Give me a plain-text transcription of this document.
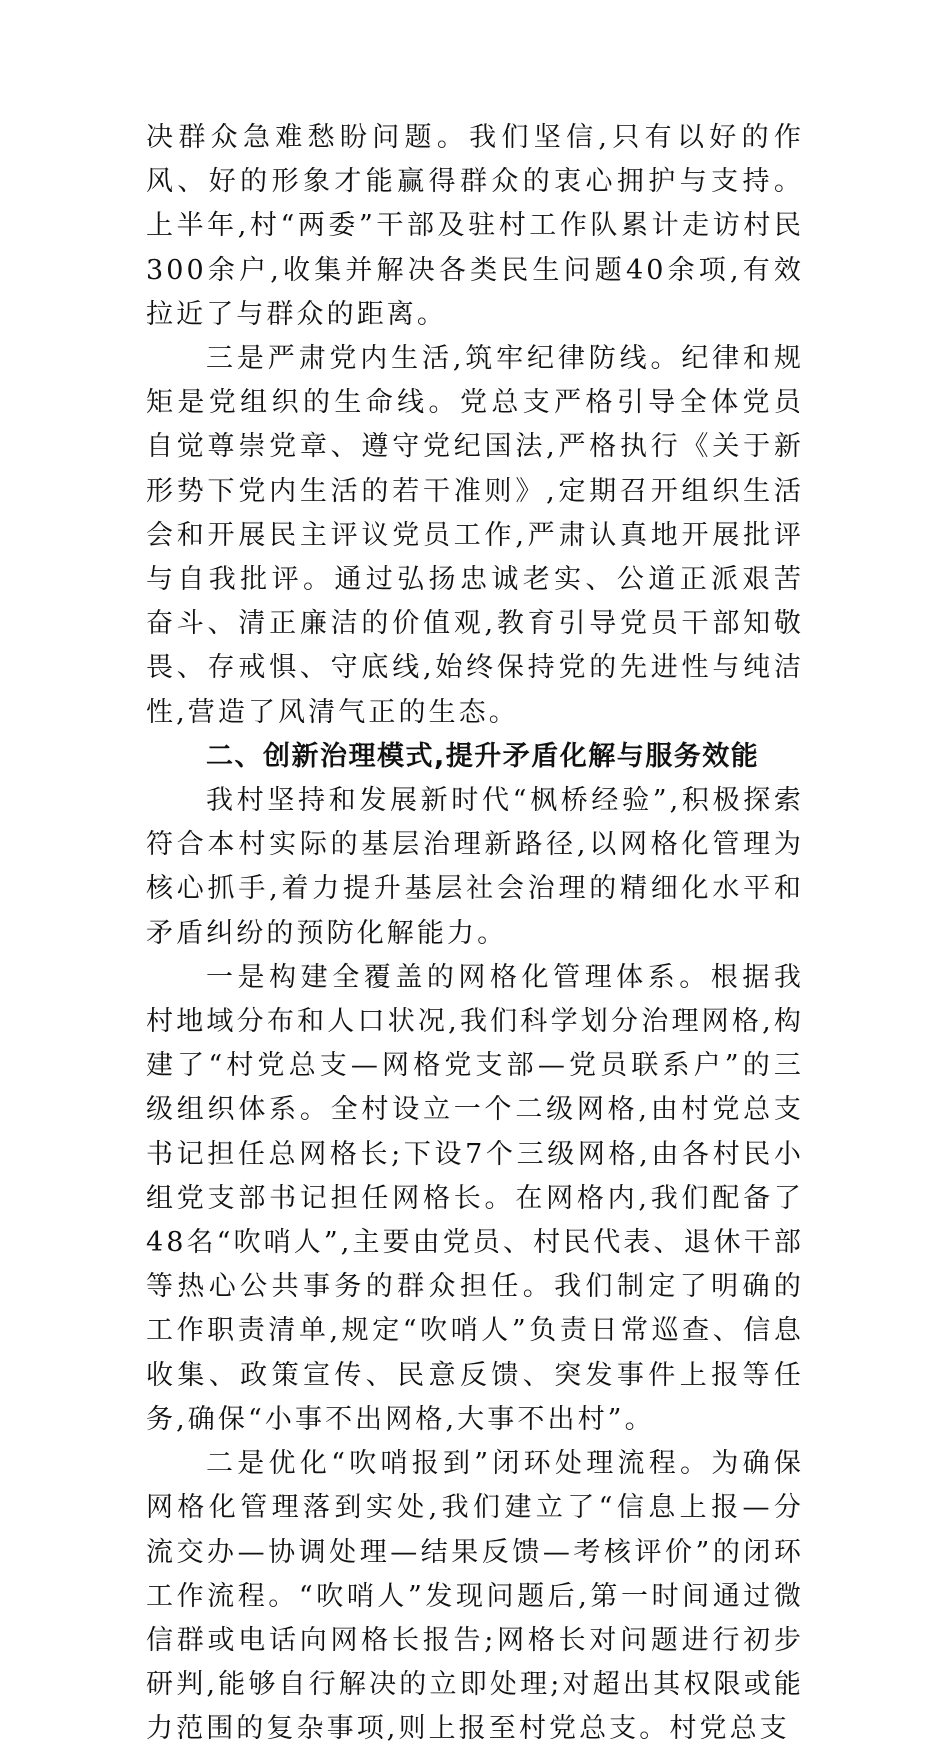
决群众急难愁盼问题。我们坚信,只有以好的作风、好的形象才能赢得群众的衷心拥护与支持。上半年,村“两委”干部及驻村工作队累计走访村民300余户,收集并解决各类民生问题40余项,有效拉近了与群众的距离。

三是严肃党内生活,筑牢纪律防线。纪律和规矩是党组织的生命线。党总支严格引导全体党员自觉尊崇党章、遵守党纪国法,严格执行《关于新形势下党内生活的若干准则》,定期召开组织生活会和开展民主评议党员工作,严肃认真地开展批评与自我批评。通过弘扬忠诚老实、公道正派艰苦奋斗、清正廉洁的价值观,教育引导党员干部知敬畏、存戒惧、守底线,始终保持党的先进性与纯洁性,营造了风清气正的生态。

二、创新治理模式,提升矛盾化解与服务效能

我村坚持和发展新时代“枫桥经验”,积极探索符合本村实际的基层治理新路径,以网格化管理为核心抓手,着力提升基层社会治理的精细化水平和矛盾纠纷的预防化解能力。

一是构建全覆盖的网格化管理体系。根据我村地域分布和人口状况,我们科学划分治理网格,构建了“村党总支—网格党支部—党员联系户”的三级组织体系。全村设立一个二级网格,由村党总支书记担任总网格长;下设7个三级网格,由各村民小组党支部书记担任网格长。在网格内,我们配备了48名“吹哨人”,主要由党员、村民代表、退休干部等热心公共事务的群众担任。我们制定了明确的工作职责清单,规定“吹哨人”负责日常巡查、信息收集、政策宣传、民意反馈、突发事件上报等任务,确保“小事不出网格,大事不出村”。

二是优化“吹哨报到”闭环处理流程。为确保网格化管理落到实处,我们建立了“信息上报—分流交办—协调处理—结果反馈—考核评价”的闭环工作流程。“吹哨人”发现问题后,第一时间通过微信群或电话向网格长报告;网格长对问题进行初步研判,能够自行解决的立即处理;对超出其权限或能力范围的复杂事项,则上报至村党总支。村党总支
